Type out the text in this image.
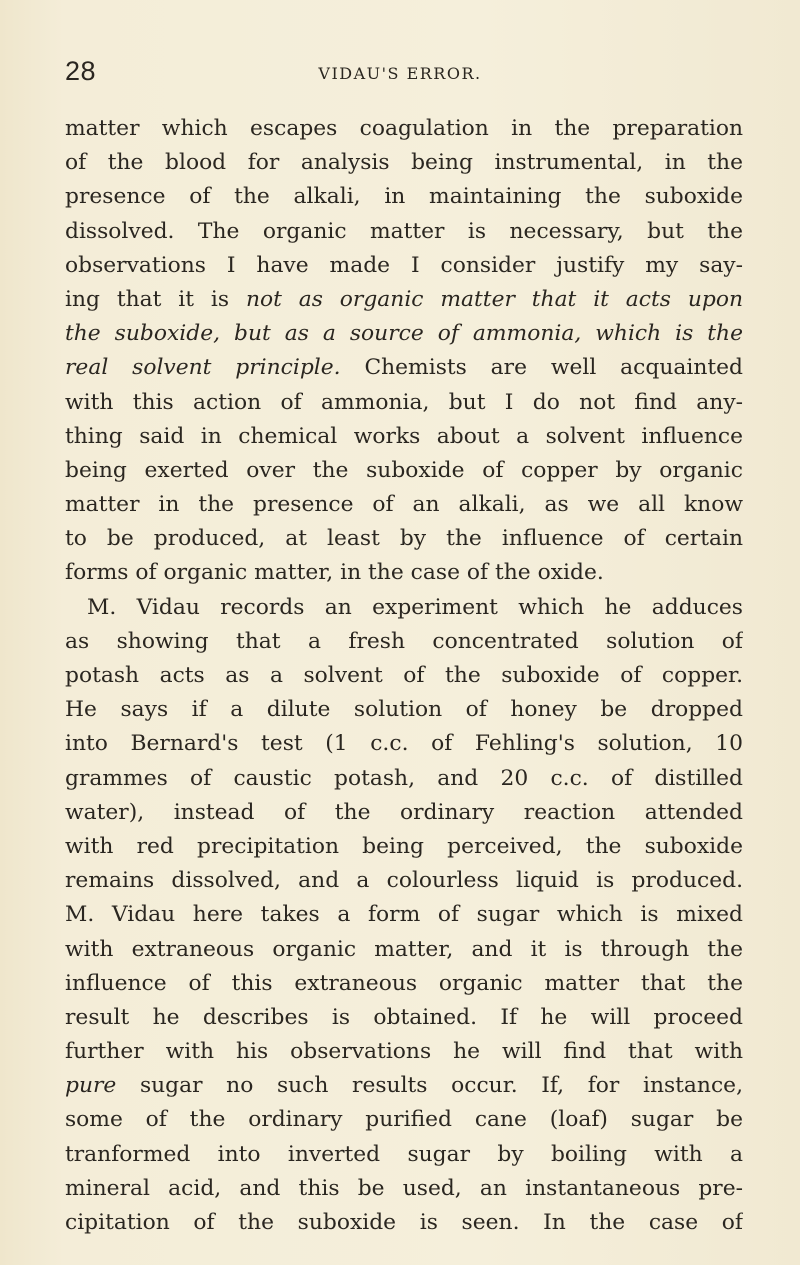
28	VIDAU'S ERROR.
matter which escapes coagulation in the preparation
of the blood for analysis being instrumental, in the
presence of the alkali, in maintaining the suboxide
dissolved. The organic matter is necessary, but the
observations I have made I consider justify my say-
ing that it is not as organic matter that it acts upon
the suboxide, but as a source of ammonia, which is the
real solvent principle. Chemists are well acquainted
with this action of ammonia, but I do not find any-
thing said in chemical works about a solvent influence
being exerted over the suboxide of copper by organic
matter in the presence of an alkali, as we all know
to be produced, at least by the influence of certain
forms of organic matter, in the case of the oxide.
M. Vidau records an experiment which he adduces
as showing that a fresh concentrated solution of
potash acts as a solvent of the suboxide of copper.
He says if a dilute solution of honey be dropped
into Bernard's test (1 c.c. of Fehling's solution, 10
grammes of caustic potash, and 20 c.c. of distilled
water), instead of the ordinary reaction attended
with red precipitation being perceived, the suboxide
remains dissolved, and a colourless liquid is produced.
M. Vidau here takes a form of sugar which is mixed
with extraneous organic matter, and it is through the
influence of this extraneous organic matter that the
result he describes is obtained. If he will proceed
further with his observations he will find that with
pure sugar no such results occur. If, for instance,
some of the ordinary purified cane (loaf) sugar be
tranformed into inverted sugar by boiling with a
mineral acid, and this be used, an instantaneous pre-
cipitation of the suboxide is seen. In the case of
